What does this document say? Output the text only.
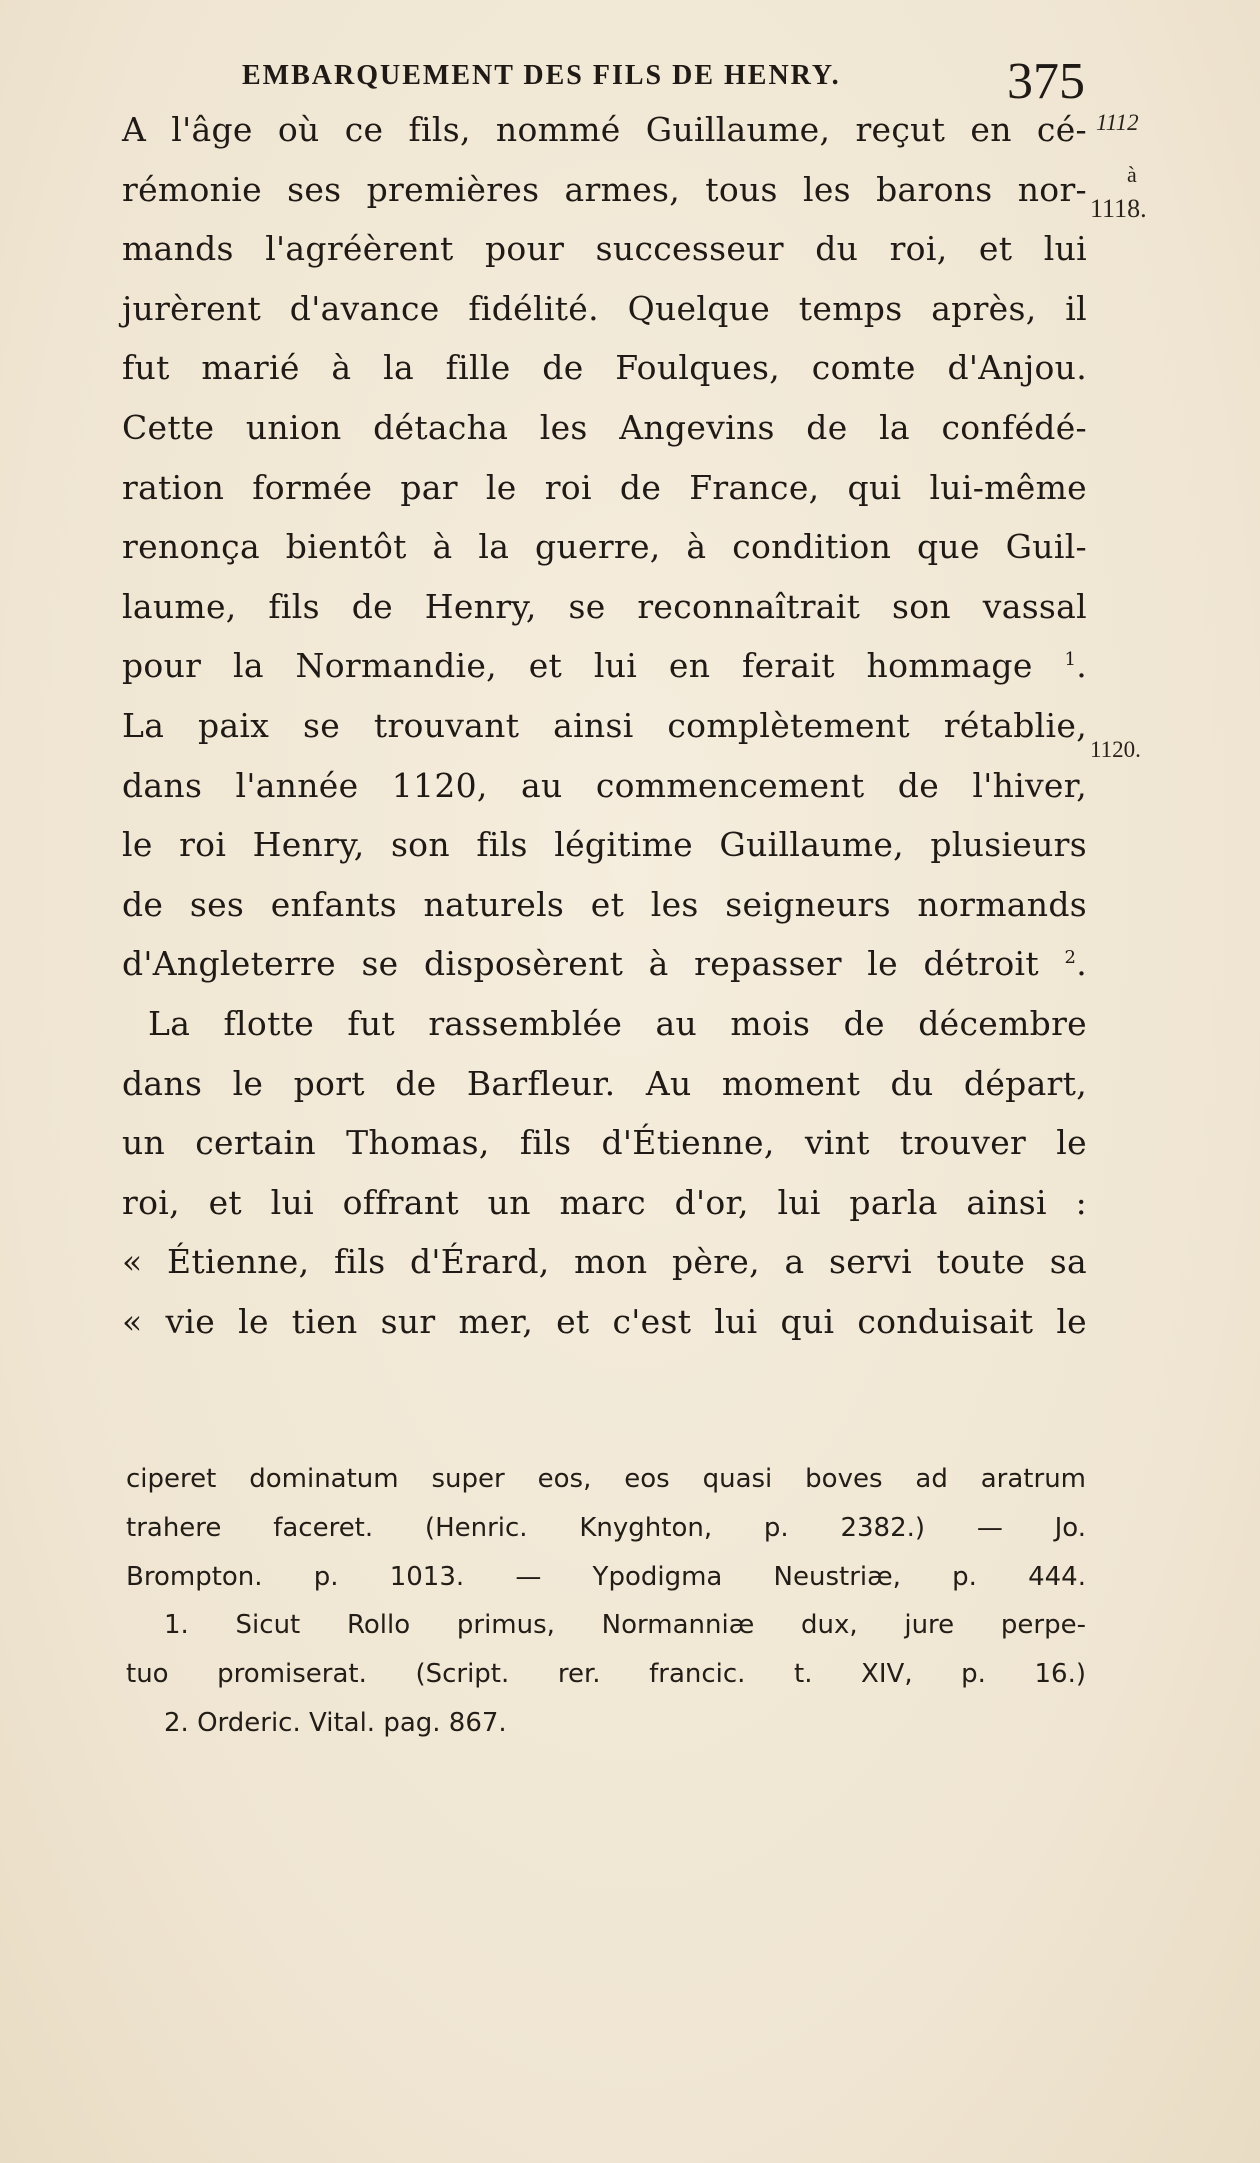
EMBARQUEMENT DES FILS DE HENRY.	375
1112
à
1118.
1120.
A l'âge où ce fils, nommé Guillaume, reçut en cé-
rémonie ses premières armes, tous les barons nor-
mands l'agréèrent pour successeur du roi, et lui
jurèrent d'avance fidélité. Quelque temps après, il
fut marié à la fille de Foulques, comte d'Anjou.
Cette union détacha les Angevins de la confédé-
ration formée par le roi de France, qui lui-même
renonça bientôt à la guerre, à condition que Guil-
laume, fils de Henry, se reconnaîtrait son vassal
pour la Normandie, et lui en ferait hommage $^1$.
La paix se trouvant ainsi complètement rétablie,
dans l'année 1120, au commencement de l'hiver,
le roi Henry, son fils légitime Guillaume, plusieurs
de ses enfants naturels et les seigneurs normands
d'Angleterre se disposèrent à repasser le détroit $^2$.
La flotte fut rassemblée au mois de décembre
dans le port de Barfleur. Au moment du départ,
un certain Thomas, fils d'Étienne, vint trouver le
roi, et lui offrant un marc d'or, lui parla ainsi :
« Étienne, fils d'Érard, mon père, a servi toute sa
« vie le tien sur mer, et c'est lui qui conduisait le
ciperet dominatum super eos, eos quasi boves ad aratrum
trahere faceret. (Henric. Knyghton, p. 2382.) — Jo.
Brompton. p. 1013. — Ypodigma Neustriæ, p. 444.
1. Sicut Rollo primus, Normanniæ dux, jure perpe-
tuo promiserat. (Script. rer. francic. t. XIV, p. 16.)
2. Orderic. Vital. pag. 867.
